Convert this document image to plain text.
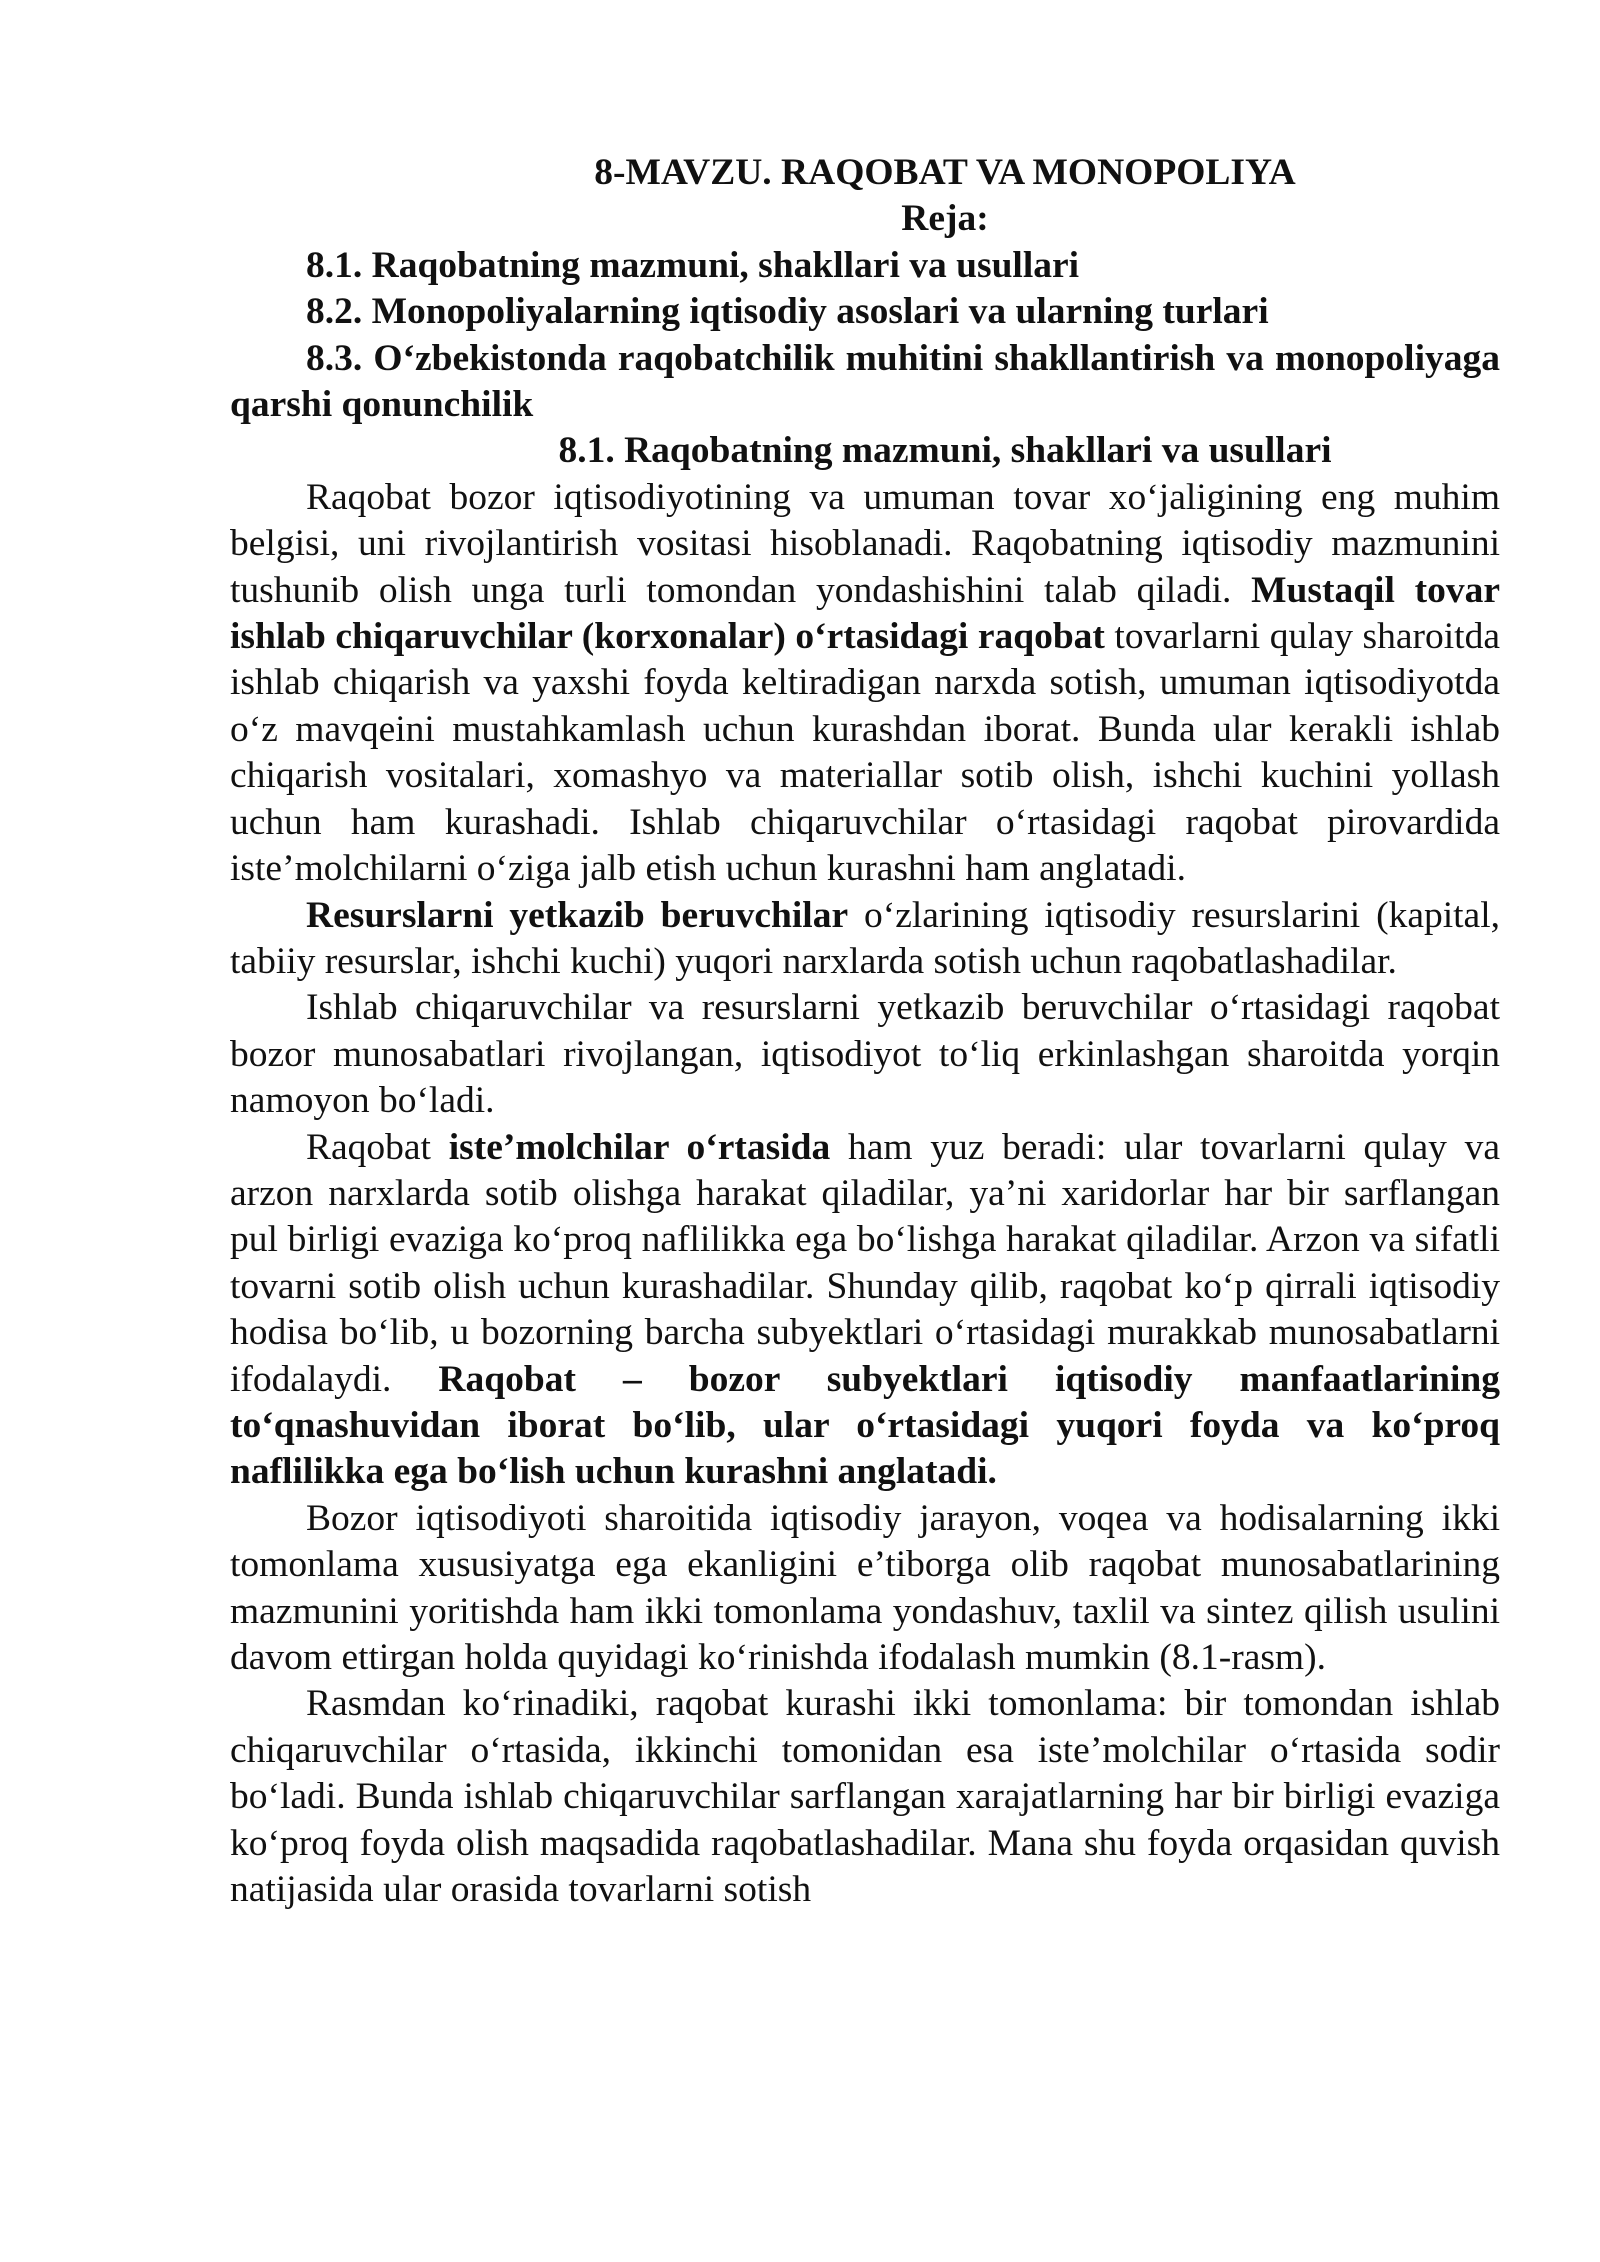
8-MAVZU. RAQOBAT VA MONOPOLIYA

Reja:

8.1. Raqobatning mazmuni, shakllari va usullari

8.2. Monopoliyalarning iqtisodiy asoslari va ularning turlari

8.3. O‘zbekistonda raqobatchilik muhitini shakllantirish va monopoliyaga qarshi qonunchilik

8.1. Raqobatning mazmuni, shakllari va usullari

Raqobat bozor iqtisodiyotining va umuman tovar xo‘jaligining eng muhim belgisi, uni rivojlantirish vositasi hisoblanadi. Raqobatning iqtisodiy mazmunini tushunib olish unga turli tomondan yondashishini talab qiladi. Mustaqil tovar ishlab chiqaruvchilar (korxonalar) o‘rtasidagi raqobat tovarlarni qulay sharoitda ishlab chiqarish va yaxshi foyda keltiradigan narxda sotish, umuman iqtisodiyotda o‘z mavqeini mustahkamlash uchun kurashdan iborat. Bunda ular kerakli ishlab chiqarish vositalari, xomashyo va materiallar sotib olish, ishchi kuchini yollash uchun ham kurashadi. Ishlab chiqaruvchilar o‘rtasidagi raqobat pirovardida iste’molchilarni o‘ziga jalb etish uchun kurashni ham anglatadi.

Resurslarni yetkazib beruvchilar o‘zlarining iqtisodiy resurslarini (kapital, tabiiy resurslar, ishchi kuchi) yuqori narxlarda sotish uchun raqobatlashadilar.

Ishlab chiqaruvchilar va resurslarni yetkazib beruvchilar o‘rtasidagi raqobat bozor munosabatlari rivojlangan, iqtisodiyot to‘liq erkinlashgan sharoitda yorqin namoyon bo‘ladi.

Raqobat iste’molchilar o‘rtasida ham yuz beradi: ular tovarlarni qulay va arzon narxlarda sotib olishga harakat qiladilar, ya’ni xaridorlar har bir sarflangan pul birligi evaziga ko‘proq naflilikka ega bo‘lishga harakat qiladilar. Arzon va sifatli tovarni sotib olish uchun kurashadilar. Shunday qilib, raqobat ko‘p qirrali iqtisodiy hodisa bo‘lib, u bozorning barcha subyektlari o‘rtasidagi murakkab munosabatlarni ifodalaydi. Raqobat – bozor subyektlari iqtisodiy manfaatlarining to‘qnashuvidan iborat bo‘lib, ular o‘rtasidagi yuqori foyda va ko‘proq naflilikka ega bo‘lish uchun kurashni anglatadi.

Bozor iqtisodiyoti sharoitida iqtisodiy jarayon, voqea va hodisalarning ikki tomonlama xususiyatga ega ekanligini e’tiborga olib raqobat munosabatlarining mazmunini yoritishda ham ikki tomonlama yondashuv, taxlil va sintez qilish usulini davom ettirgan holda quyidagi ko‘rinishda ifodalash mumkin (8.1-rasm).

Rasmdan ko‘rinadiki, raqobat kurashi ikki tomonlama: bir tomondan ishlab chiqaruvchilar o‘rtasida, ikkinchi tomonidan esa iste’molchilar o‘rtasida sodir bo‘ladi. Bunda ishlab chiqaruvchilar sarflangan xarajatlarning har bir birligi evaziga ko‘proq foyda olish maqsadida raqobatlashadilar. Mana shu foyda orqasidan quvish natijasida ular orasida tovarlarni sotish
